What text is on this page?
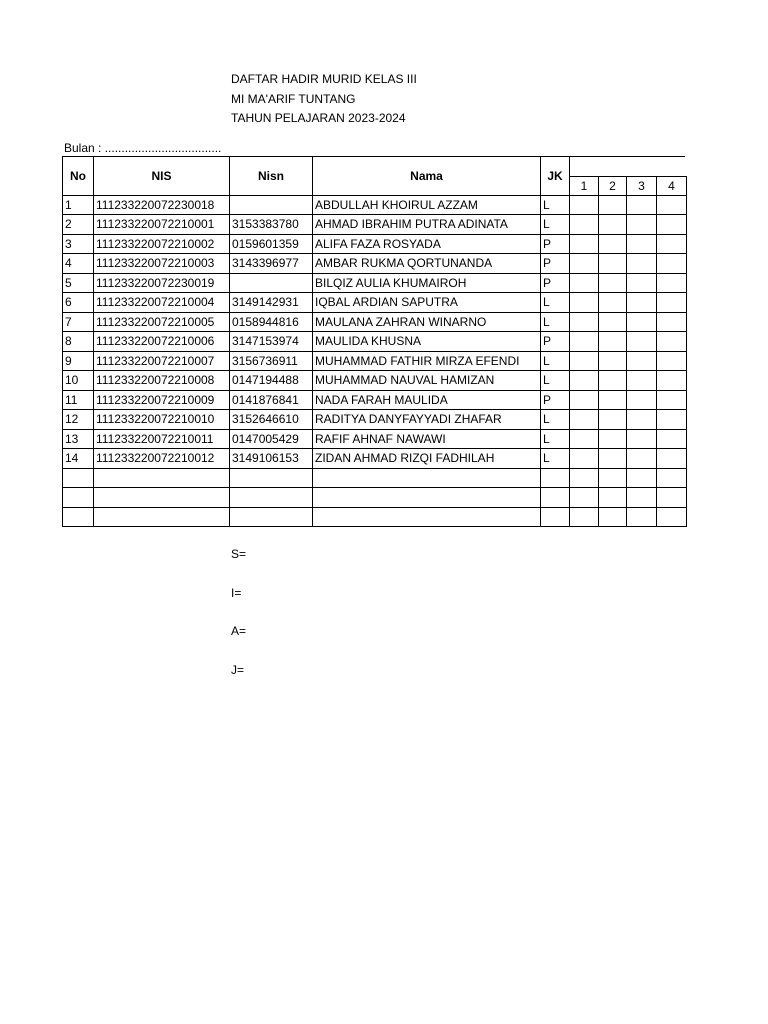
DAFTAR HADIR MURID KELAS III
MI MA'ARIF TUNTANG
TAHUN PELAJARAN 2023-2024
Bulan : ...................................
No	NIS	Nisn	Nama	JK				
					1	2	3	4
1	111233220072230018		ABDULLAH KHOIRUL AZZAM	L				
2	111233220072210001	3153383780	AHMAD IBRAHIM PUTRA ADINATA	L				
3	111233220072210002	0159601359	ALIFA FAZA ROSYADA	P				
4	111233220072210003	3143396977	AMBAR RUKMA QORTUNANDA	P				
5	111233220072230019		BILQIZ AULIA KHUMAIROH	P				
6	111233220072210004	3149142931	IQBAL ARDIAN SAPUTRA	L				
7	111233220072210005	0158944816	MAULANA ZAHRAN WINARNO	L				
8	111233220072210006	3147153974	MAULIDA KHUSNA	P				
9	111233220072210007	3156736911	MUHAMMAD FATHIR MIRZA EFENDI	L				
10	111233220072210008	0147194488	MUHAMMAD NAUVAL HAMIZAN	L				
11	111233220072210009	0141876841	NADA FARAH MAULIDA	P				
12	111233220072210010	3152646610	RADITYA DANYFAYYADI ZHAFAR	L				
13	111233220072210011	0147005429	RAFIF AHNAF NAWAWI	L				
14	111233220072210012	3149106153	ZIDAN AHMAD RIZQI FADHILAH	L				

S=
I=
A=
J=
